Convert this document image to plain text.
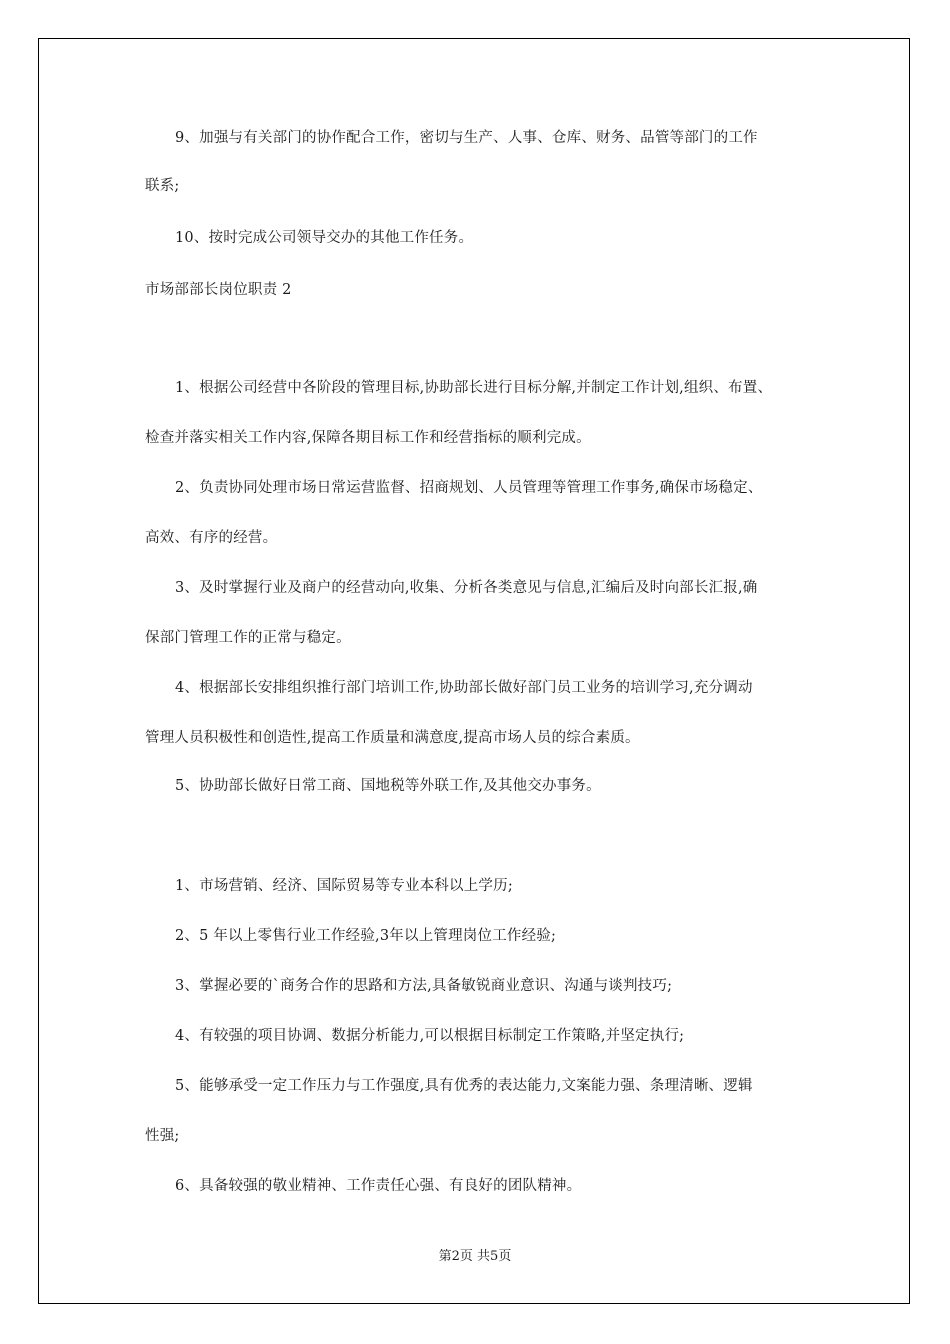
9、加强与有关部门的协作配合工作，密切与生产、人事、仓库、财务、品管等部门的工作
联系;
10、按时完成公司领导交办的其他工作任务。
市场部部长岗位职责 2
1、根据公司经营中各阶段的管理目标,协助部长进行目标分解,并制定工作计划,组织、布置、
检查并落实相关工作内容,保障各期目标工作和经营指标的顺利完成。
2、负责协同处理市场日常运营监督、招商规划、人员管理等管理工作事务,确保市场稳定、
高效、有序的经营。
3、及时掌握行业及商户的经营动向,收集、分析各类意见与信息,汇编后及时向部长汇报,确
保部门管理工作的正常与稳定。
4、根据部长安排组织推行部门培训工作,协助部长做好部门员工业务的培训学习,充分调动
管理人员积极性和创造性,提高工作质量和满意度,提高市场人员的综合素质。
5、协助部长做好日常工商、国地税等外联工作,及其他交办事务。
1、市场营销、经济、国际贸易等专业本科以上学历;
2、5 年以上零售行业工作经验,3年以上管理岗位工作经验;
3、掌握必要的`商务合作的思路和方法,具备敏锐商业意识、沟通与谈判技巧;
4、有较强的项目协调、数据分析能力,可以根据目标制定工作策略,并坚定执行;
5、能够承受一定工作压力与工作强度,具有优秀的表达能力,文案能力强、条理清晰、逻辑
性强;
6、具备较强的敬业精神、工作责任心强、有良好的团队精神。
第2页 共5页
